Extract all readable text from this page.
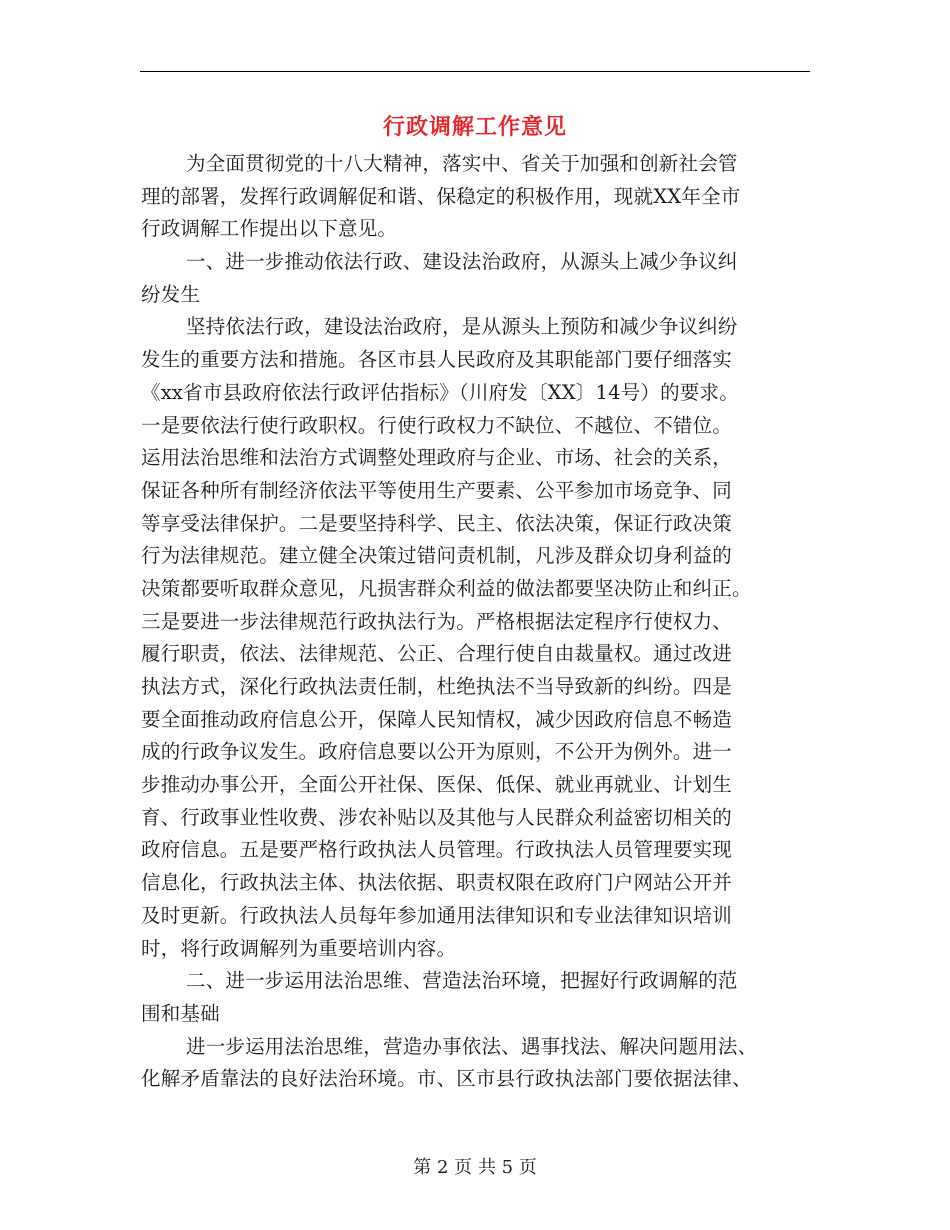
行政调解工作意见
为全面贯彻党的十八大精神，落实中、省关于加强和创新社会管
理的部署，发挥行政调解促和谐、保稳定的积极作用，现就XX年全市
行政调解工作提出以下意见。
一、进一步推动依法行政、建设法治政府，从源头上减少争议纠
纷发生
坚持依法行政，建设法治政府，是从源头上预防和减少争议纠纷
发生的重要方法和措施。各区市县人民政府及其职能部门要仔细落实
《xx省市县政府依法行政评估指标》（川府发〔XX〕14号）的要求。
一是要依法行使行政职权。行使行政权力不缺位、不越位、不错位。
运用法治思维和法治方式调整处理政府与企业、市场、社会的关系，
保证各种所有制经济依法平等使用生产要素、公平参加市场竞争、同
等享受法律保护。二是要坚持科学、民主、依法决策，保证行政决策
行为法律规范。建立健全决策过错问责机制，凡涉及群众切身利益的
决策都要听取群众意见，凡损害群众利益的做法都要坚决防止和纠正。
三是要进一步法律规范行政执法行为。严格根据法定程序行使权力、
履行职责，依法、法律规范、公正、合理行使自由裁量权。通过改进
执法方式，深化行政执法责任制，杜绝执法不当导致新的纠纷。四是
要全面推动政府信息公开，保障人民知情权，减少因政府信息不畅造
成的行政争议发生。政府信息要以公开为原则，不公开为例外。进一
步推动办事公开，全面公开社保、医保、低保、就业再就业、计划生
育、行政事业性收费、涉农补贴以及其他与人民群众利益密切相关的
政府信息。五是要严格行政执法人员管理。行政执法人员管理要实现
信息化，行政执法主体、执法依据、职责权限在政府门户网站公开并
及时更新。行政执法人员每年参加通用法律知识和专业法律知识培训
时，将行政调解列为重要培训内容。
二、进一步运用法治思维、营造法治环境，把握好行政调解的范
围和基础
进一步运用法治思维，营造办事依法、遇事找法、解决问题用法、
化解矛盾靠法的良好法治环境。市、区市县行政执法部门要依据法律、
第 2 页 共 5 页
